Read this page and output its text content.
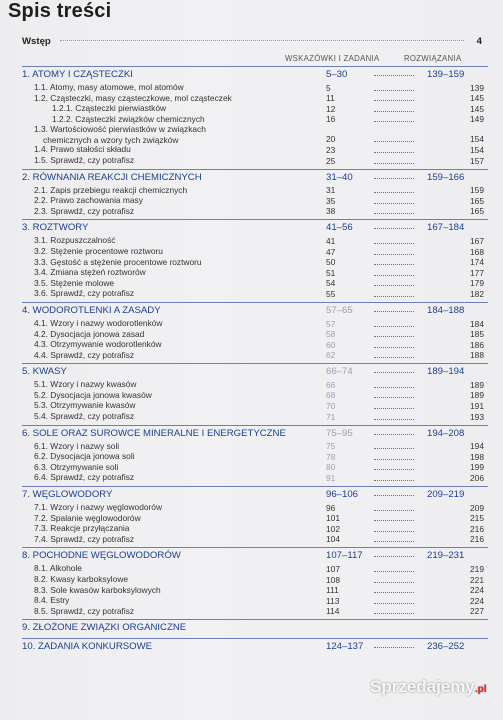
Spis treści
Wstęp	4
WSKAZÓWKI I ZADANIA	ROZWIĄZANIA
1. ATOMY I CZĄSTECZKI	5–30	139–159
1.1. Atomy, masy atomowe, mol atomów	5	139
1.2. Cząsteczki, masy cząsteczkowe, mol cząsteczek	11	145
1.2.1. Cząsteczki pierwiastków	12	145
1.2.2. Cząsteczki związków chemicznych	16	149
1.3. Wartościowość pierwiastków w związkach
chemicznych a wzory tych związków	20	154
1.4. Prawo stałości składu	23	154
1.5. Sprawdź, czy potrafisz	25	157
2. RÓWNANIA REAKCJI CHEMICZNYCH	31–40	159–166
2.1. Zapis przebiegu reakcji chemicznych	31	159
2.2. Prawo zachowania masy	35	165
2.3. Sprawdź, czy potrafisz	38	165
3. ROZTWORY	41–56	167–184
3.1. Rozpuszczalność	41	167
3.2. Stężenie procentowe roztworu	47	168
3.3. Gęstość a stężenie procentowe roztworu	50	174
3.4. Zmiana stężeń roztworów	51	177
3.5. Stężenie molowe	54	179
3.6. Sprawdź, czy potrafisz	55	182
4. WODOROTLENKI A ZASADY	57–65	184–188
4.1. Wzory i nazwy wodorotlenków	57	184
4.2. Dysocjacja jonowa zasad	58	185
4.3. Otrzymywanie wodorotlenków	60	186
4.4. Sprawdź, czy potrafisz	62	188
5. KWASY	66–74	189–194
5.1. Wzory i nazwy kwasów	66	189
5.2. Dysocjacja jonowa kwasów	68	189
5.3. Otrzymywanie kwasów	70	191
5.4. Sprawdź, czy potrafisz	71	193
6. SOLE ORAZ SUROWCE MINERALNE I ENERGETYCZNE	75–95	194–208
6.1. Wzory i nazwy soli	75	194
6.2. Dysocjacja jonowa soli	78	198
6.3. Otrzymywanie soli	80	199
6.4. Sprawdź, czy potrafisz	91	206
7. WĘGLOWODORY	96–106	209–219
7.1. Wzory i nazwy węglowodorów	96	209
7.2. Spalanie węglowodorów	101	215
7.3. Reakcje przyłączania	102	216
7.4. Sprawdź, czy potrafisz	104	216
8. POCHODNE WĘGLOWODORÓW	107–117	219–231
8.1. Alkohole	107	219
8.2. Kwasy karboksylowe	108	221
8.3. Sole kwasów karboksylowych	111	224
8.4. Estry	113	224
8.5. Sprawdź, czy potrafisz	114	227
9. ZŁOŻONE ZWIĄZKI ORGANICZNE
10. ZADANIA KONKURSOWE	124–137	236–252
Sprzedajemy.pl
